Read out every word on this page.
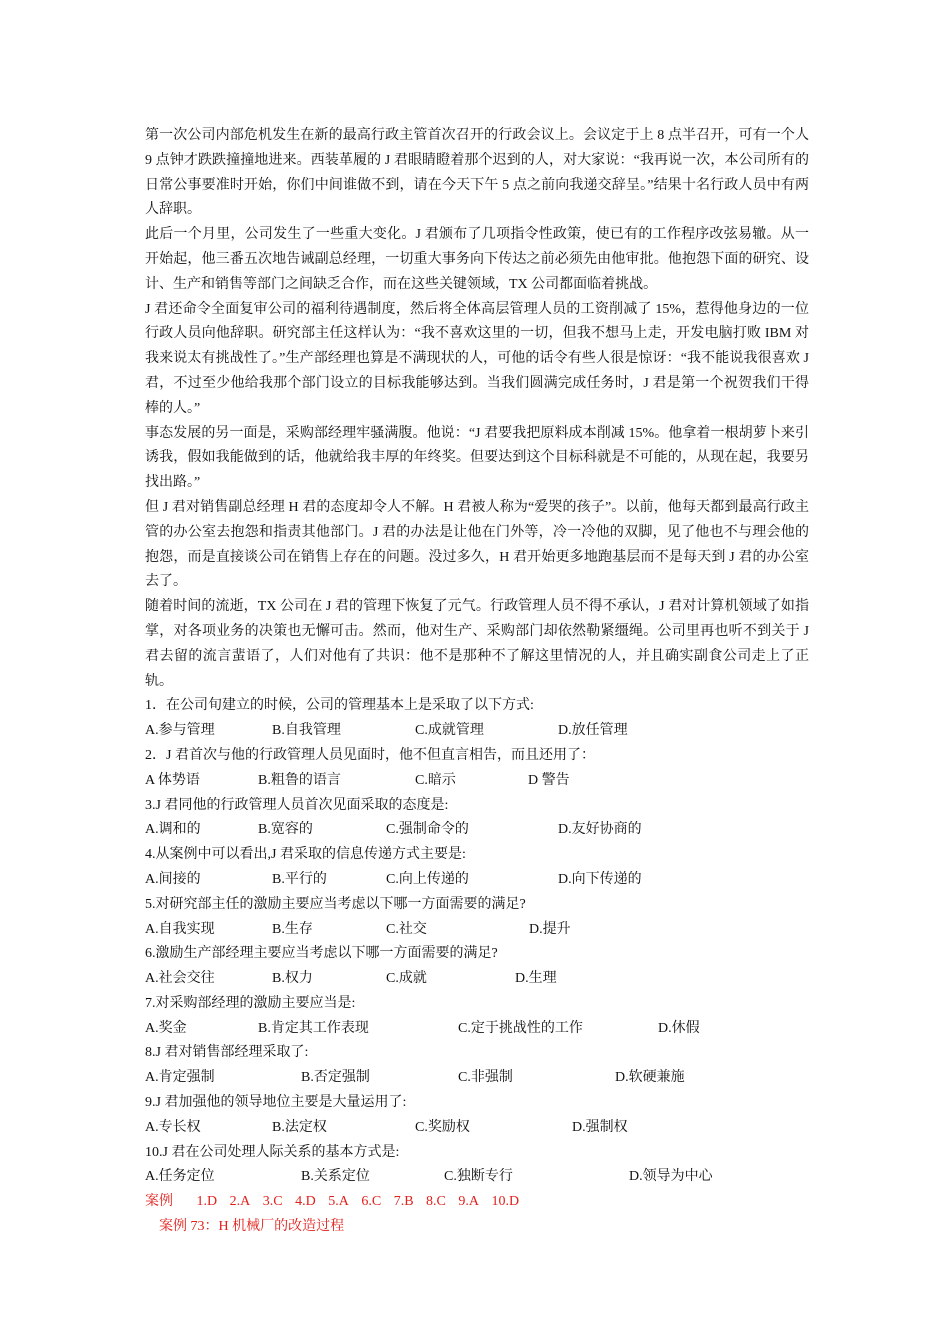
第一次公司内部危机发生在新的最高行政主管首次召开的行政会议上。会议定于上 8 点半召开，可有一个人 9 点钟才跌跌撞撞地进来。西装革履的 J 君眼睛瞪着那个迟到的人，对大家说：“我再说一次，本公司所有的日常公事要准时开始，你们中间谁做不到，请在今天下午 5 点之前向我递交辞呈。”结果十名行政人员中有两人辞职。

此后一个月里，公司发生了一些重大变化。J 君颁布了几项指令性政策，使已有的工作程序改弦易辙。从一开始起，他三番五次地告诫副总经理，一切重大事务向下传达之前必须先由他审批。他抱怨下面的研究、设计、生产和销售等部门之间缺乏合作，而在这些关键领域，TX 公司都面临着挑战。

J 君还命令全面复审公司的福利待遇制度，然后将全体高层管理人员的工资削减了 15%，惹得他身边的一位行政人员向他辞职。研究部主任这样认为：“我不喜欢这里的一切，但我不想马上走，开发电脑打败 IBM 对我来说太有挑战性了。”生产部经理也算是不满现状的人，可他的话令有些人很是惊讶：“我不能说我很喜欢 J 君，不过至少他给我那个部门设立的目标我能够达到。当我们圆满完成任务时，J 君是第一个祝贺我们干得棒的人。”

事态发展的另一面是，采购部经理牢骚满腹。他说：“J 君要我把原料成本削减 15%。他拿着一根胡萝卜来引诱我，假如我能做到的话，他就给我丰厚的年终奖。但要达到这个目标科就是不可能的，从现在起，我要另找出路。”

但 J 君对销售副总经理 H 君的态度却令人不解。H 君被人称为“爱哭的孩子”。以前，他每天都到最高行政主管的办公室去抱怨和指责其他部门。J 君的办法是让他在门外等，冷一冷他的双脚，见了他也不与理会他的抱怨，而是直接谈公司在销售上存在的问题。没过多久，H 君开始更多地跑基层而不是每天到 J 君的办公室去了。

随着时间的流逝，TX 公司在 J 君的管理下恢复了元气。行政管理人员不得不承认，J 君对计算机领域了如指掌，对各项业务的决策也无懈可击。然而，他对生产、采购部门却依然勒紧缰绳。公司里再也听不到关于 J 君去留的流言蜚语了，人们对他有了共识：他不是那种不了解这里情况的人，并且确实副食公司走上了正轨。

1．在公司旬建立的时候，公司的管理基本上是采取了以下方式:
A.参与管理	B.自我管理	C.成就管理	D.放任管理
2．J 君首次与他的行政管理人员见面时，他不但直言相告，而且还用了：
A 体势语	B.粗鲁的语言	C.暗示	D 警告
3.J 君同他的行政管理人员首次见面采取的态度是:
A.调和的	B.宽容的	C.强制命令的	D.友好协商的
4.从案例中可以看出,J 君采取的信息传递方式主要是:
A.间接的	B.平行的	C.向上传递的	D.向下传递的
5.对研究部主任的激励主要应当考虑以下哪一方面需要的满足?
A.自我实现	B.生存	C.社交	D.提升
6.激励生产部经理主要应当考虑以下哪一方面需要的满足?
A.社会交往	B.权力	C.成就	D.生理
7.对采购部经理的激励主要应当是:
A.奖金	B.肯定其工作表现	C.定于挑战性的工作	D.休假
8.J 君对销售部经理采取了:
A.肯定强制	B.否定强制	C.非强制	D.软硬兼施
9.J 君加强他的领导地位主要是大量运用了:
A.专长权	B.法定权	C.奖励权	D.强制权
10.J 君在公司处理人际关系的基本方式是:
A.任务定位	B.关系定位	C.独断专行	D.领导为中心
案例 1.D 2.A 3.C 4.D 5.A 6.C 7.B 8.C 9.A 10.D
案例 73：H 机械厂的改造过程
